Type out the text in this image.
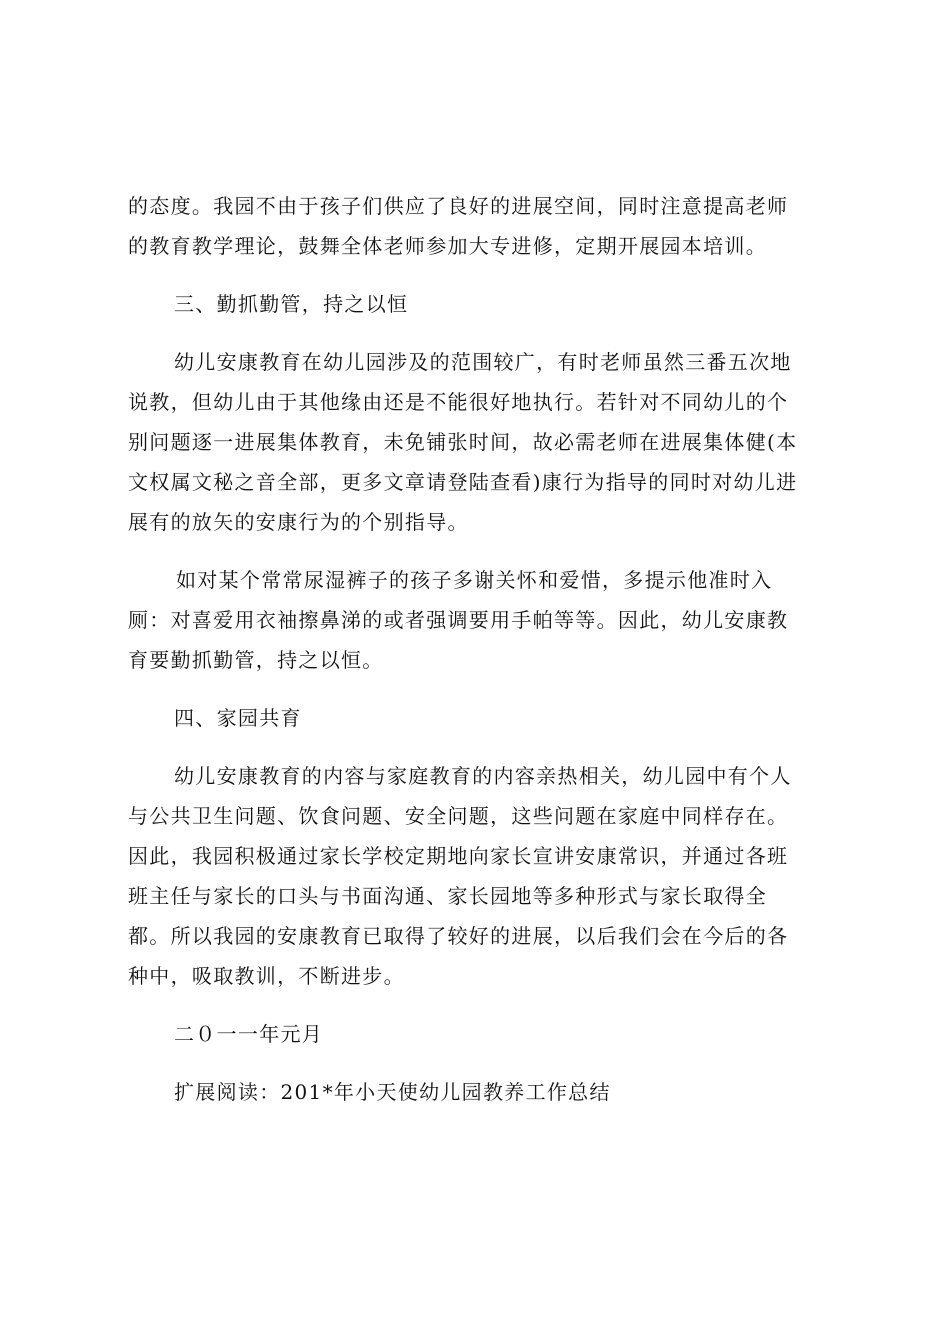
的态度。我园不由于孩子们供应了良好的进展空间，同时注意提高老师
的教育教学理论，鼓舞全体老师参加大专进修，定期开展园本培训。

三、勤抓勤管，持之以恒

幼儿安康教育在幼儿园涉及的范围较广，有时老师虽然三番五次地
说教，但幼儿由于其他缘由还是不能很好地执行。若针对不同幼儿的个
别问题逐一进展集体教育，未免铺张时间，故必需老师在进展集体健(本
文权属文秘之音全部，更多文章请登陆查看)康行为指导的同时对幼儿进
展有的放矢的安康行为的个别指导。

如对某个常常尿湿裤子的孩子多谢关怀和爱惜，多提示他准时入
厕：对喜爱用衣袖擦鼻涕的或者强调要用手帕等等。因此，幼儿安康教
育要勤抓勤管，持之以恒。

四、家园共育

幼儿安康教育的内容与家庭教育的内容亲热相关，幼儿园中有个人
与公共卫生问题、饮食问题、安全问题，这些问题在家庭中同样存在。
因此，我园积极通过家长学校定期地向家长宣讲安康常识，并通过各班
班主任与家长的口头与书面沟通、家长园地等多种形式与家长取得全
都。所以我园的安康教育已取得了较好的进展，以后我们会在今后的各
种中，吸取教训，不断进步。

二０一一年元月

扩展阅读：201*年小天使幼儿园教养工作总结
